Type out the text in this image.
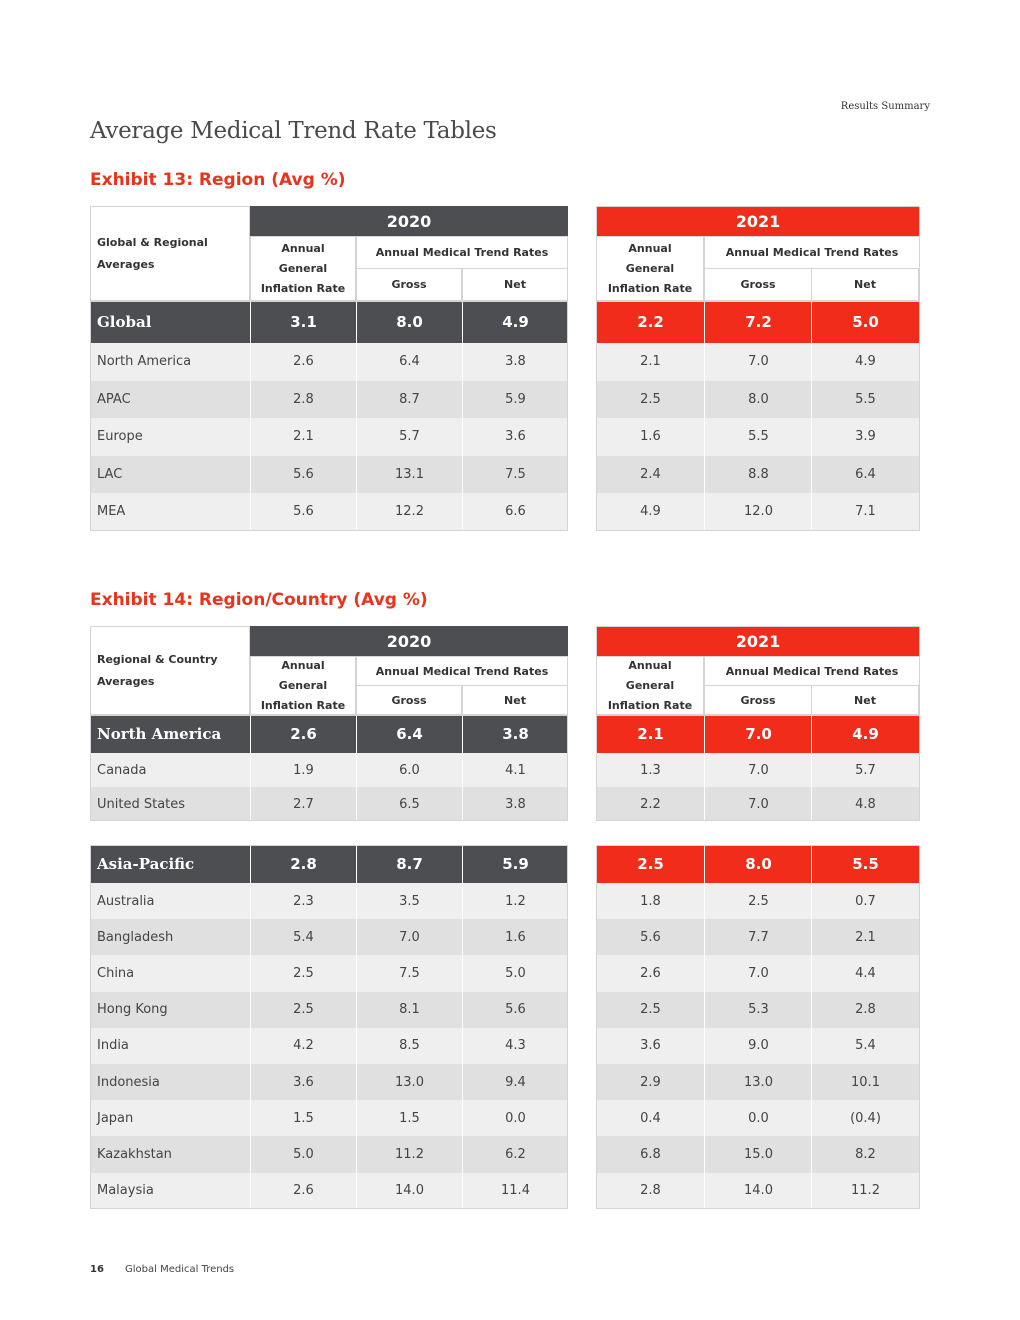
Results Summary
Average Medical Trend Rate Tables
Exhibit 13: Region (Avg %)
2020	2021
Global & Regional Averages
Annual General Inflation Rate
Annual Medical Trend Rates
Gross	Net
Annual General Inflation Rate
Annual Medical Trend Rates
Gross	Net
Global	3.1	8.0	4.9	2.2	7.2	5.0
North America	2.6	6.4	3.8	2.1	7.0	4.9
APAC	2.8	8.7	5.9	2.5	8.0	5.5
Europe	2.1	5.7	3.6	1.6	5.5	3.9
LAC	5.6	13.1	7.5	2.4	8.8	6.4
MEA	5.6	12.2	6.6	4.9	12.0	7.1
Exhibit 14: Region/Country (Avg %)
2020	2021
Regional & Country Averages
Annual General Inflation Rate
Annual Medical Trend Rates
Gross	Net
Annual General Inflation Rate
Annual Medical Trend Rates
Gross	Net
North America	2.6	6.4	3.8	2.1	7.0	4.9
Canada	1.9	6.0	4.1	1.3	7.0	5.7
United States	2.7	6.5	3.8	2.2	7.0	4.8
Asia-Pacific	2.8	8.7	5.9	2.5	8.0	5.5
Australia	2.3	3.5	1.2	1.8	2.5	0.7
Bangladesh	5.4	7.0	1.6	5.6	7.7	2.1
China	2.5	7.5	5.0	2.6	7.0	4.4
Hong Kong	2.5	8.1	5.6	2.5	5.3	2.8
India	4.2	8.5	4.3	3.6	9.0	5.4
Indonesia	3.6	13.0	9.4	2.9	13.0	10.1
Japan	1.5	1.5	0.0	0.4	0.0	(0.4)
Kazakhstan	5.0	11.2	6.2	6.8	15.0	8.2
Malaysia	2.6	14.0	11.4	2.8	14.0	11.2
16 Global Medical Trends
